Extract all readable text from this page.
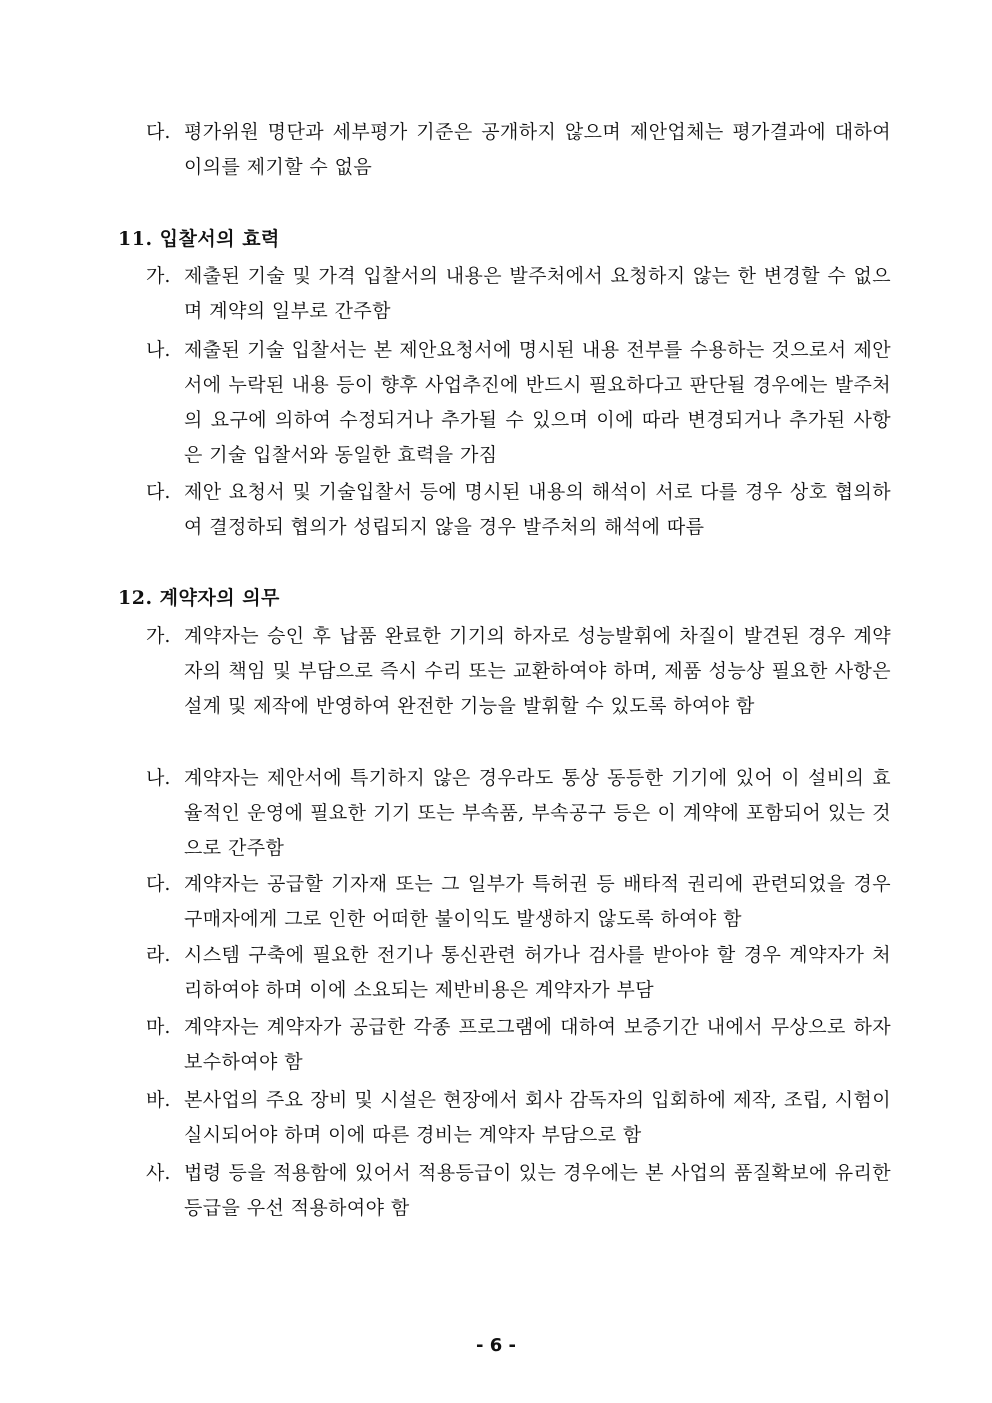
다. 평가위원 명단과 세부평가 기준은 공개하지 않으며 제안업체는 평가결과에 대하여 이의를 제기할 수 없음
11. 입찰서의 효력
가. 제출된 기술 및 가격 입찰서의 내용은 발주처에서 요청하지 않는 한 변경할 수 없으며 계약의 일부로 간주함
나. 제출된 기술 입찰서는 본 제안요청서에 명시된 내용 전부를 수용하는 것으로서 제안서에 누락된 내용 등이 향후 사업추진에 반드시 필요하다고 판단될 경우에는 발주처의 요구에 의하여 수정되거나 추가될 수 있으며 이에 따라 변경되거나 추가된 사항은 기술 입찰서와 동일한 효력을 가짐
다. 제안 요청서 및 기술입찰서 등에 명시된 내용의 해석이 서로 다를 경우 상호 협의하여 결정하되 협의가 성립되지 않을 경우 발주처의 해석에 따름
12. 계약자의 의무
가. 계약자는 승인 후 납품 완료한 기기의 하자로 성능발휘에 차질이 발견된 경우 계약자의 책임 및 부담으로 즉시 수리 또는 교환하여야 하며, 제품 성능상 필요한 사항은 설계 및 제작에 반영하여 완전한 기능을 발휘할 수 있도록 하여야 함
나. 계약자는 제안서에 특기하지 않은 경우라도 통상 동등한 기기에 있어 이 설비의 효율적인 운영에 필요한 기기 또는 부속품, 부속공구 등은 이 계약에 포함되어 있는 것으로 간주함
다. 계약자는 공급할 기자재 또는 그 일부가 특허권 등 배타적 권리에 관련되었을 경우 구매자에게 그로 인한 어떠한 불이익도 발생하지 않도록 하여야 함
라. 시스템 구축에 필요한 전기나 통신관련 허가나 검사를 받아야 할 경우 계약자가 처리하여야 하며 이에 소요되는 제반비용은 계약자가 부담
마. 계약자는 계약자가 공급한 각종 프로그램에 대하여 보증기간 내에서 무상으로 하자 보수하여야 함
바. 본사업의 주요 장비 및 시설은 현장에서 회사 감독자의 입회하에 제작, 조립, 시험이 실시되어야 하며 이에 따른 경비는 계약자 부담으로 함
사. 법령 등을 적용함에 있어서 적용등급이 있는 경우에는 본 사업의 품질확보에 유리한 등급을 우선 적용하여야 함
- 6 -
